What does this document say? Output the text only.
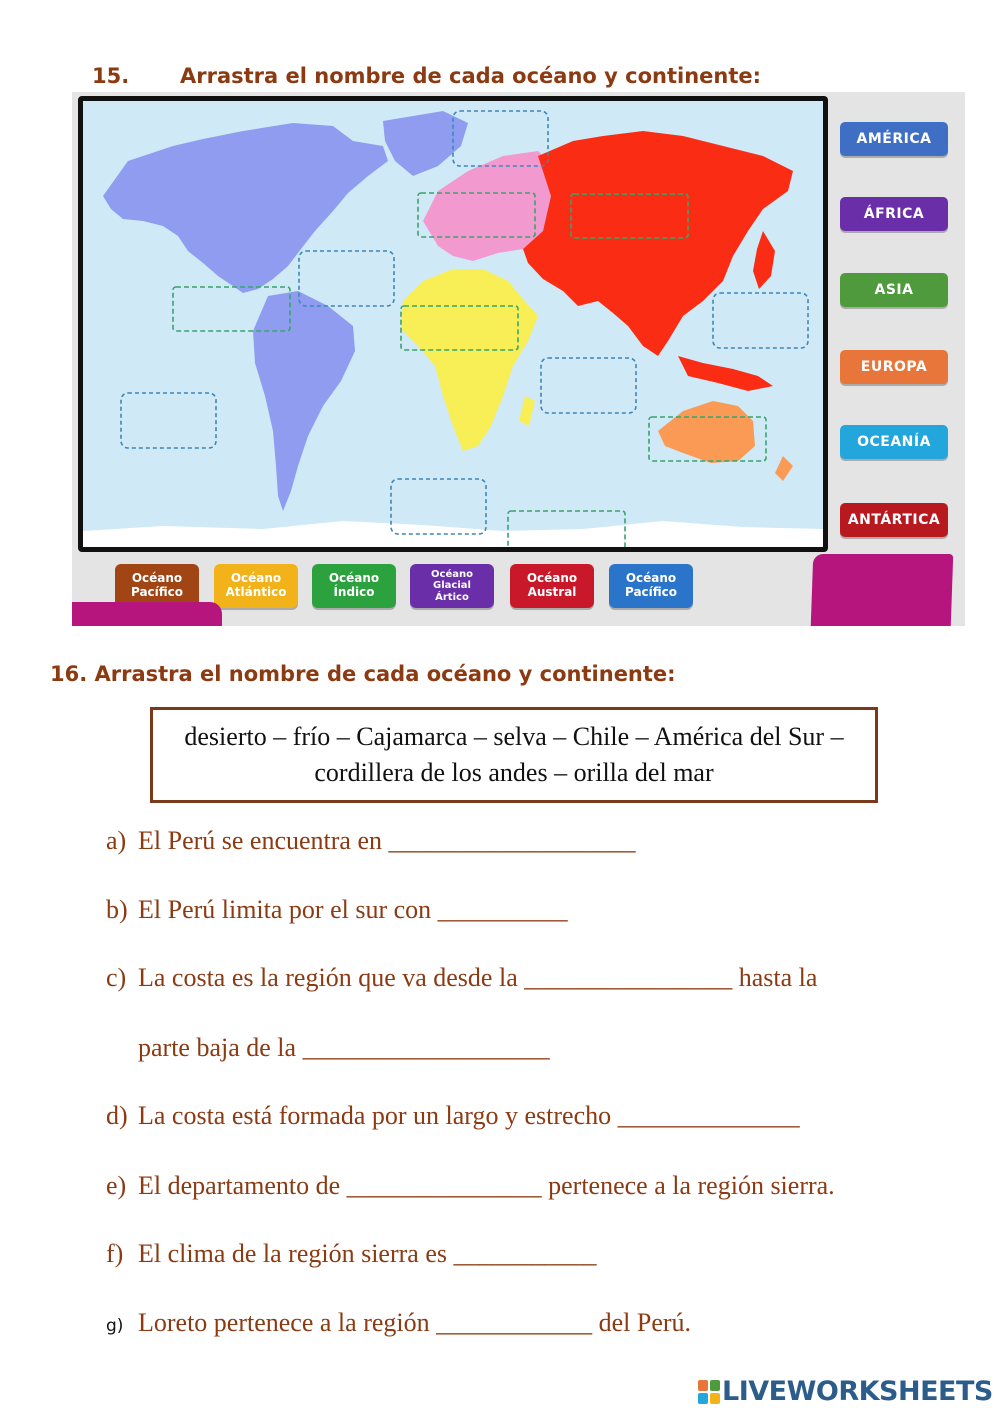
15. Arrastra el nombre de cada océano y continente:
AMÉRICA
ÁFRICA
ASIA
EUROPA
OCEANÍA
ANTÁRTICA
Océano
Pacífico
Océano
Atlántico
Océano
Índico
Océano
Glacial
Ártico
Océano
Austral
Océano
Pacífico
16. Arrastra el nombre de cada océano y continente:
desierto – frío – Cajamarca – selva – Chile – América del Sur – cordillera de los andes – orilla del mar
a) El Perú se encuentra en ___________________
b) El Perú limita por el sur con __________
c) La costa es la región que va desde la ________________ hasta la
parte baja de la ___________________
d) La costa está formada por un largo y estrecho ______________
e) El departamento de _______________ pertenece a la región sierra.
f) El clima de la región sierra es ___________
g) Loreto pertenece a la región ____________ del Perú.
LIVEWORKSHEETS
